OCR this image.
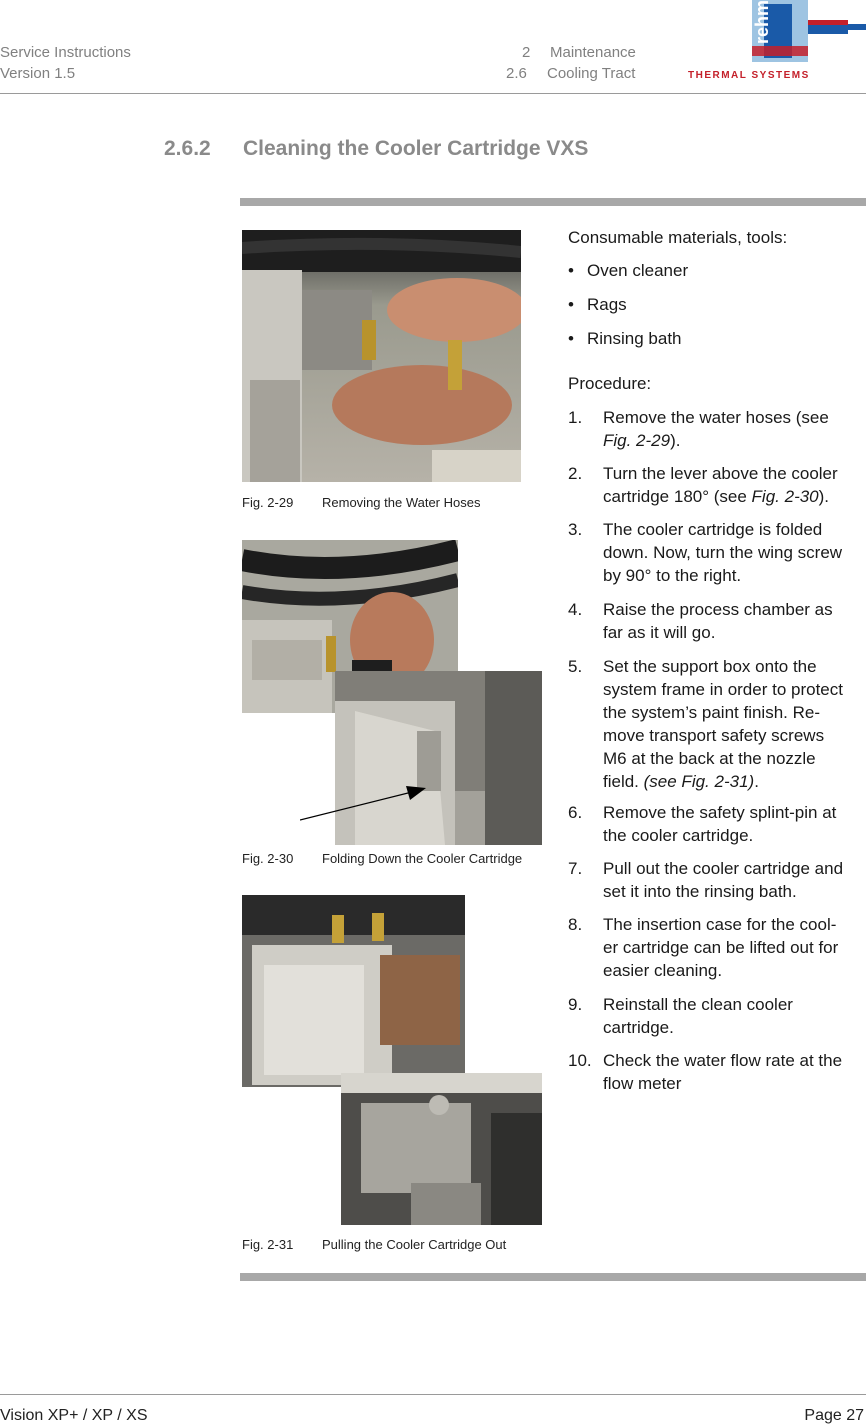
Service Instructions
Version 1.5
2 Maintenance
2.6 Cooling Tract
rehm
THERMAL SYSTEMS
2.6.2 Cleaning the Cooler Cartridge VXS
Fig. 2-29 Removing the Water Hoses
Fig. 2-30 Folding Down the Cooler Cartridge
Fig. 2-31 Pulling the Cooler Cartridge Out
Consumable materials, tools:
• Oven cleaner
• Rags
• Rinsing bath
Procedure:
1. Remove the water hoses (see
Fig. 2-29).
2. Turn the lever above the cooler
cartridge 180° (see Fig. 2-30).
3. The cooler cartridge is folded
down. Now, turn the wing screw
by 90° to the right.
4. Raise the process chamber as
far as it will go.
5. Set the support box onto the
system frame in order to protect
the system’s paint finish. Re-
move transport safety screws
M6 at the back at the nozzle
field. (see Fig. 2-31).
6. Remove the safety splint-pin at
the cooler cartridge.
7. Pull out the cooler cartridge and
set it into the rinsing bath.
8. The insertion case for the cool-
er cartridge can be lifted out for
easier cleaning.
9. Reinstall the clean cooler
cartridge.
10. Check the water flow rate at the
flow meter
Vision XP+ / XP / XS	Page 27
